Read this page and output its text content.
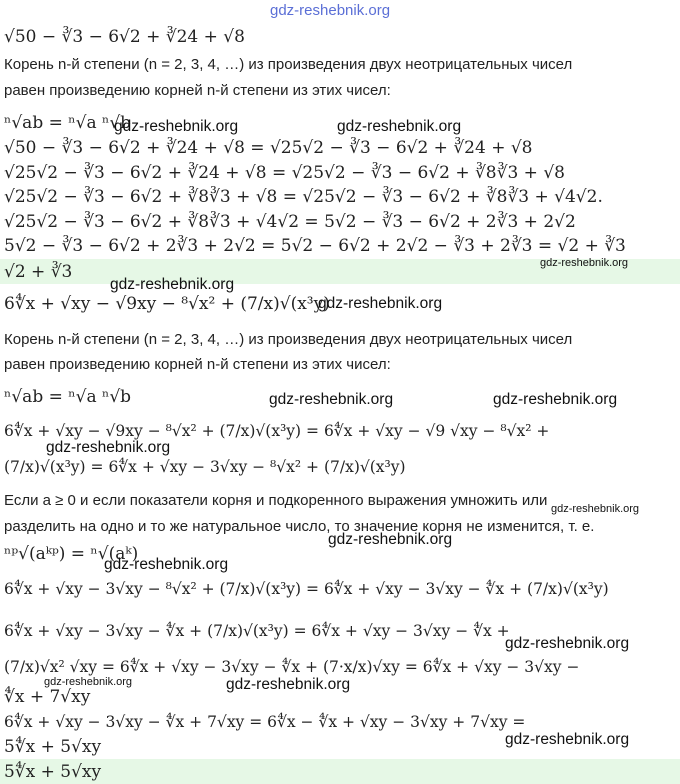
√50 − ∛3 − 6√2 + ∛24 + √8
Корень n-й степени (n = 2, 3, 4, …) из произведения двух неотрицательных чисел
равен произведению корней n-й степени из этих чисел:
ⁿ√ab = ⁿ√a ⁿ√b
√50 − ∛3 − 6√2 + ∛24 + √8 = √25√2 − ∛3 − 6√2 + ∛24 + √8
√25√2 − ∛3 − 6√2 + ∛24 + √8 = √25√2 − ∛3 − 6√2 + ∛8∛3 + √8
√25√2 − ∛3 − 6√2 + ∛8∛3 + √8 = √25√2 − ∛3 − 6√2 + ∛8∛3 + √4√2.
√25√2 − ∛3 − 6√2 + ∛8∛3 + √4√2 = 5√2 − ∛3 − 6√2 + 2∛3 + 2√2
5√2 − ∛3 − 6√2 + 2∛3 + 2√2 = 5√2 − 6√2 + 2√2 − ∛3 + 2∛3 = √2 + ∛3
√2 + ∛3
6∜x + √xy − √9xy − ⁸√x² + (7/x)√(x³y)
Корень n-й степени (n = 2, 3, 4, …) из произведения двух неотрицательных чисел
равен произведению корней n-й степени из этих чисел:
ⁿ√ab = ⁿ√a ⁿ√b
6∜x + √xy − √9xy − ⁸√x² + (7/x)√(x³y) = 6∜x + √xy − √9 √xy − ⁸√x² +
(7/x)√(x³y) = 6∜x + √xy − 3√xy − ⁸√x² + (7/x)√(x³y)
Если a ≥ 0 и если показатели корня и подкоренного выражения умножить или
разделить на одно и то же натуральное число, то значение корня не изменится, т. е.
ⁿᵖ√(aᵏᵖ) = ⁿ√(aᵏ)
6∜x + √xy − 3√xy − ⁸√x² + (7/x)√(x³y) = 6∜x + √xy − 3√xy − ∜x + (7/x)√(x³y)
6∜x + √xy − 3√xy − ∜x + (7/x)√(x³y) = 6∜x + √xy − 3√xy − ∜x +
(7/x)√x² √xy = 6∜x + √xy − 3√xy − ∜x + (7·x/x)√xy = 6∜x + √xy − 3√xy −
∜x + 7√xy
6∜x + √xy − 3√xy − ∜x + 7√xy = 6∜x − ∜x + √xy − 3√xy + 7√xy =
5∜x + 5√xy
5∜x + 5√xy
gdz-reshebnik.org
gdz-reshebnik.org	gdz-reshebnik.org
gdz-reshebnik.org
gdz-reshebnik.org
gdz-reshebnik.org
gdz-reshebnik.org	gdz-reshebnik.org
gdz-reshebnik.org
gdz-reshebnik.org
gdz-reshebnik.org
gdz-reshebnik.org
gdz-reshebnik.org
gdz-reshebnik.org	gdz-reshebnik.org
gdz-reshebnik.org
